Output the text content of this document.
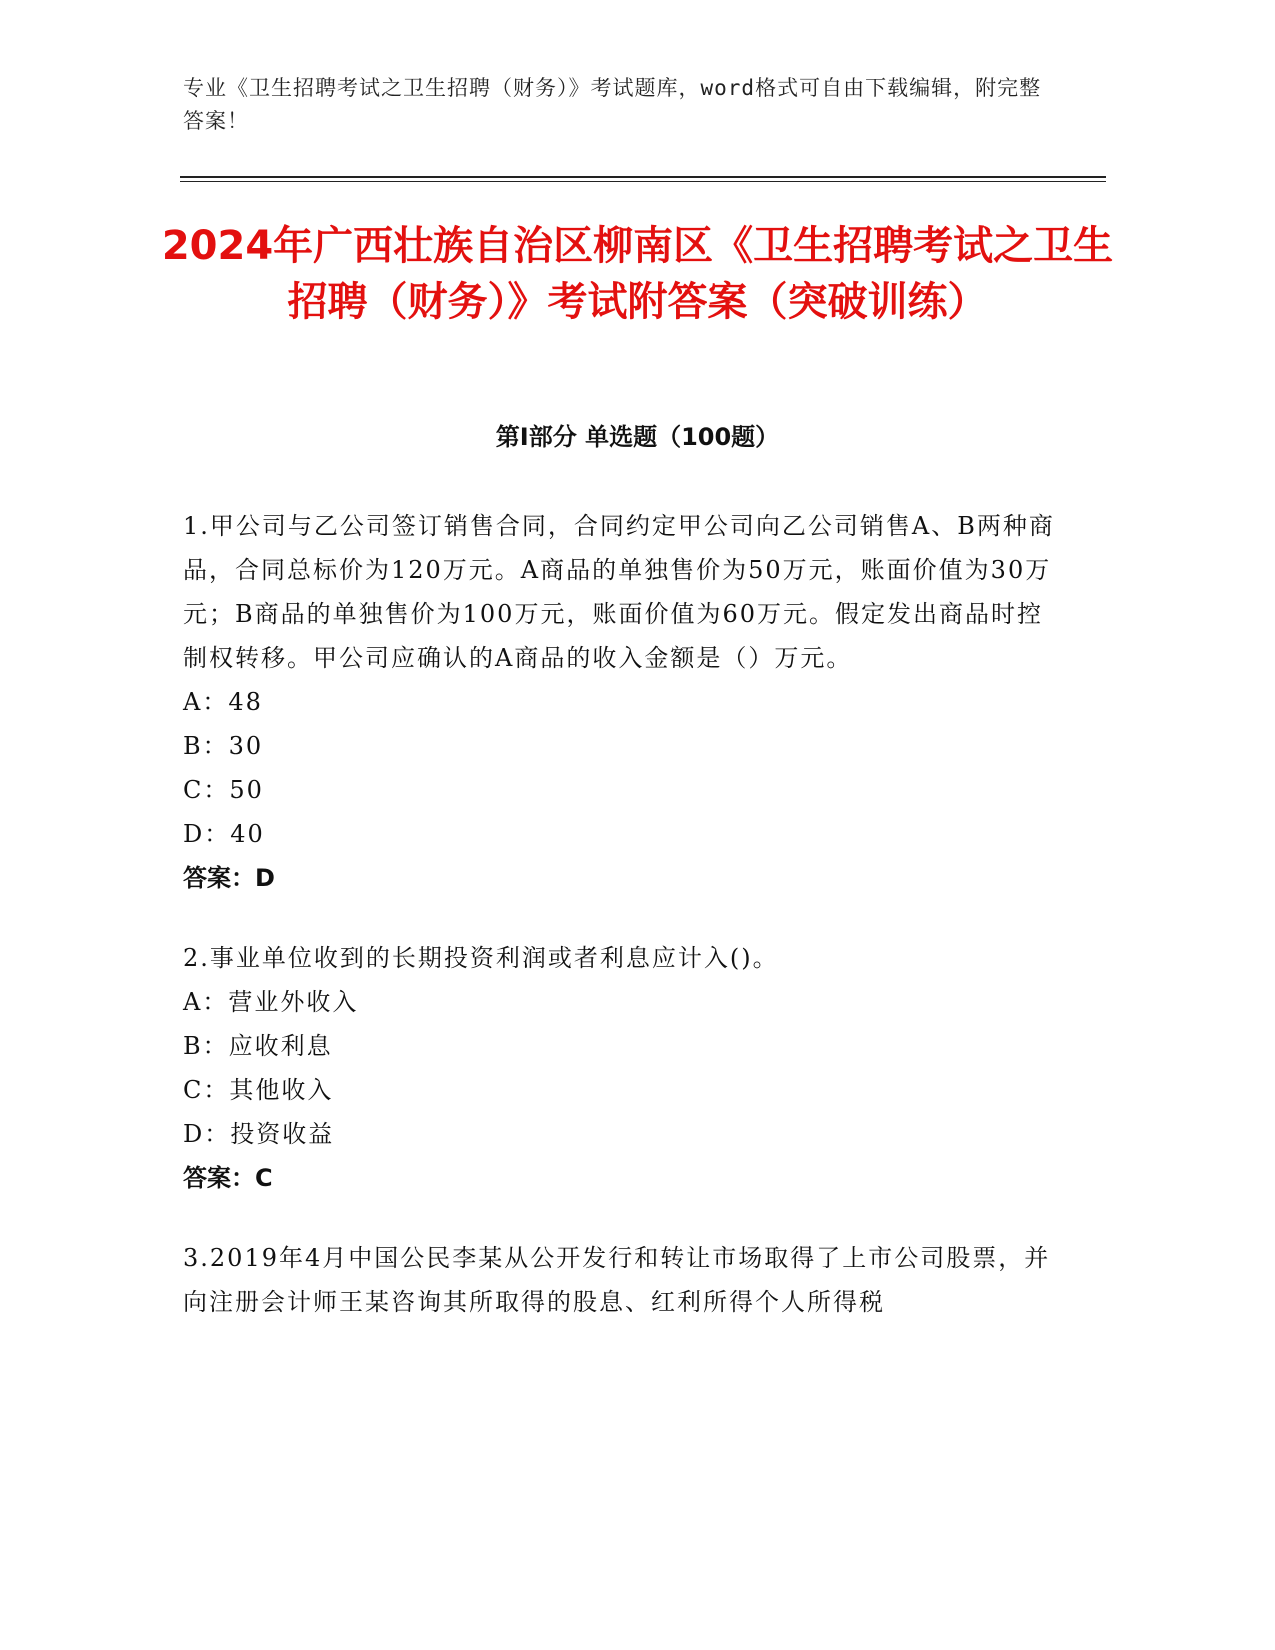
专业《卫生招聘考试之卫生招聘（财务）》考试题库，word格式可自由下载编辑，附完整答案！
2024年广西壮族自治区柳南区《卫生招聘考试之卫生招聘（财务）》考试附答案（突破训练）
第Ⅰ部分 单选题（100题）

1.甲公司与乙公司签订销售合同，合同约定甲公司向乙公司销售A、B两种商品，合同总标价为120万元。A商品的单独售价为50万元，账面价值为30万元；B商品的单独售价为100万元，账面价值为60万元。假定发出商品时控制权转移。甲公司应确认的A商品的收入金额是（）万元。

A：48
B：30
C：50
D：40
答案：D

2.事业单位收到的长期投资利润或者利息应计入()。

A：营业外收入
B：应收利息
C：其他收入
D：投资收益
答案：C

3.2019年4月中国公民李某从公开发行和转让市场取得了上市公司股票，并向注册会计师王某咨询其所取得的股息、红利所得个人所得税
